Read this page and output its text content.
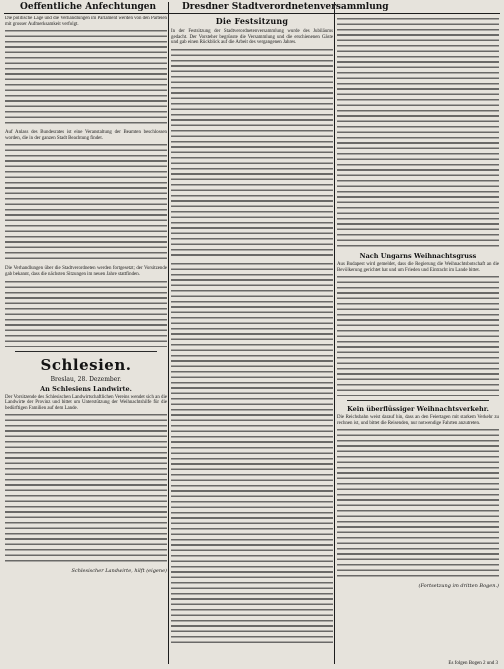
Oeffentliche Anfechtungen	Dresdner Stadtverordnetenversammlung

Die politische Lage und die Verhandlungen im Parlament werden von den Parteien mit grosser Aufmerksamkeit verfolgt.

Auf Anlass des Bundesrates ist eine Veranstaltung der Beamten beschlossen worden, die in der ganzen Stadt Beachtung findet.

Die Verhandlungen über die Stadtverordneten werden fortgesetzt; der Vorsitzende gab bekannt, dass die nächsten Sitzungen im neuen Jahre stattfinden.

Schlesien.
Breslau, 28. Dezember.
An Schlesiens Landwirte.

Der Vorsitzende des Schlesischen Landwirtschaftlichen Vereins wendet sich an die Landwirte der Provinz und bittet um Unterstützung der Weihnachtshilfe für die bedürftigen Familien auf dem Lande.

Schlesischer Landwirte, hilft (eigene)
Die Festsitzung

In der Festsitzung der Stadtverordnetenversammlung wurde des Jubiläums gedacht. Der Vorsteher begrüsste die Versammlung und die erschienenen Gäste und gab einen Rückblick auf die Arbeit des vergangenen Jahres.

Nach Ungarns Weihnachtsgruss

Aus Budapest wird gemeldet, dass die Regierung die Weihnachtsbotschaft an die Bevölkerung gerichtet hat und um Frieden und Eintracht im Lande bittet.

Kein überflüssiger Weihnachtsverkehr.

Die Reichsbahn weist darauf hin, dass an den Feiertagen mit starkem Verkehr zu rechnen ist, und bittet die Reisenden, nur notwendige Fahrten anzutreten.

(Fortsetzung im dritten Bogen.)
Es folgen Bogen 2 und 3
